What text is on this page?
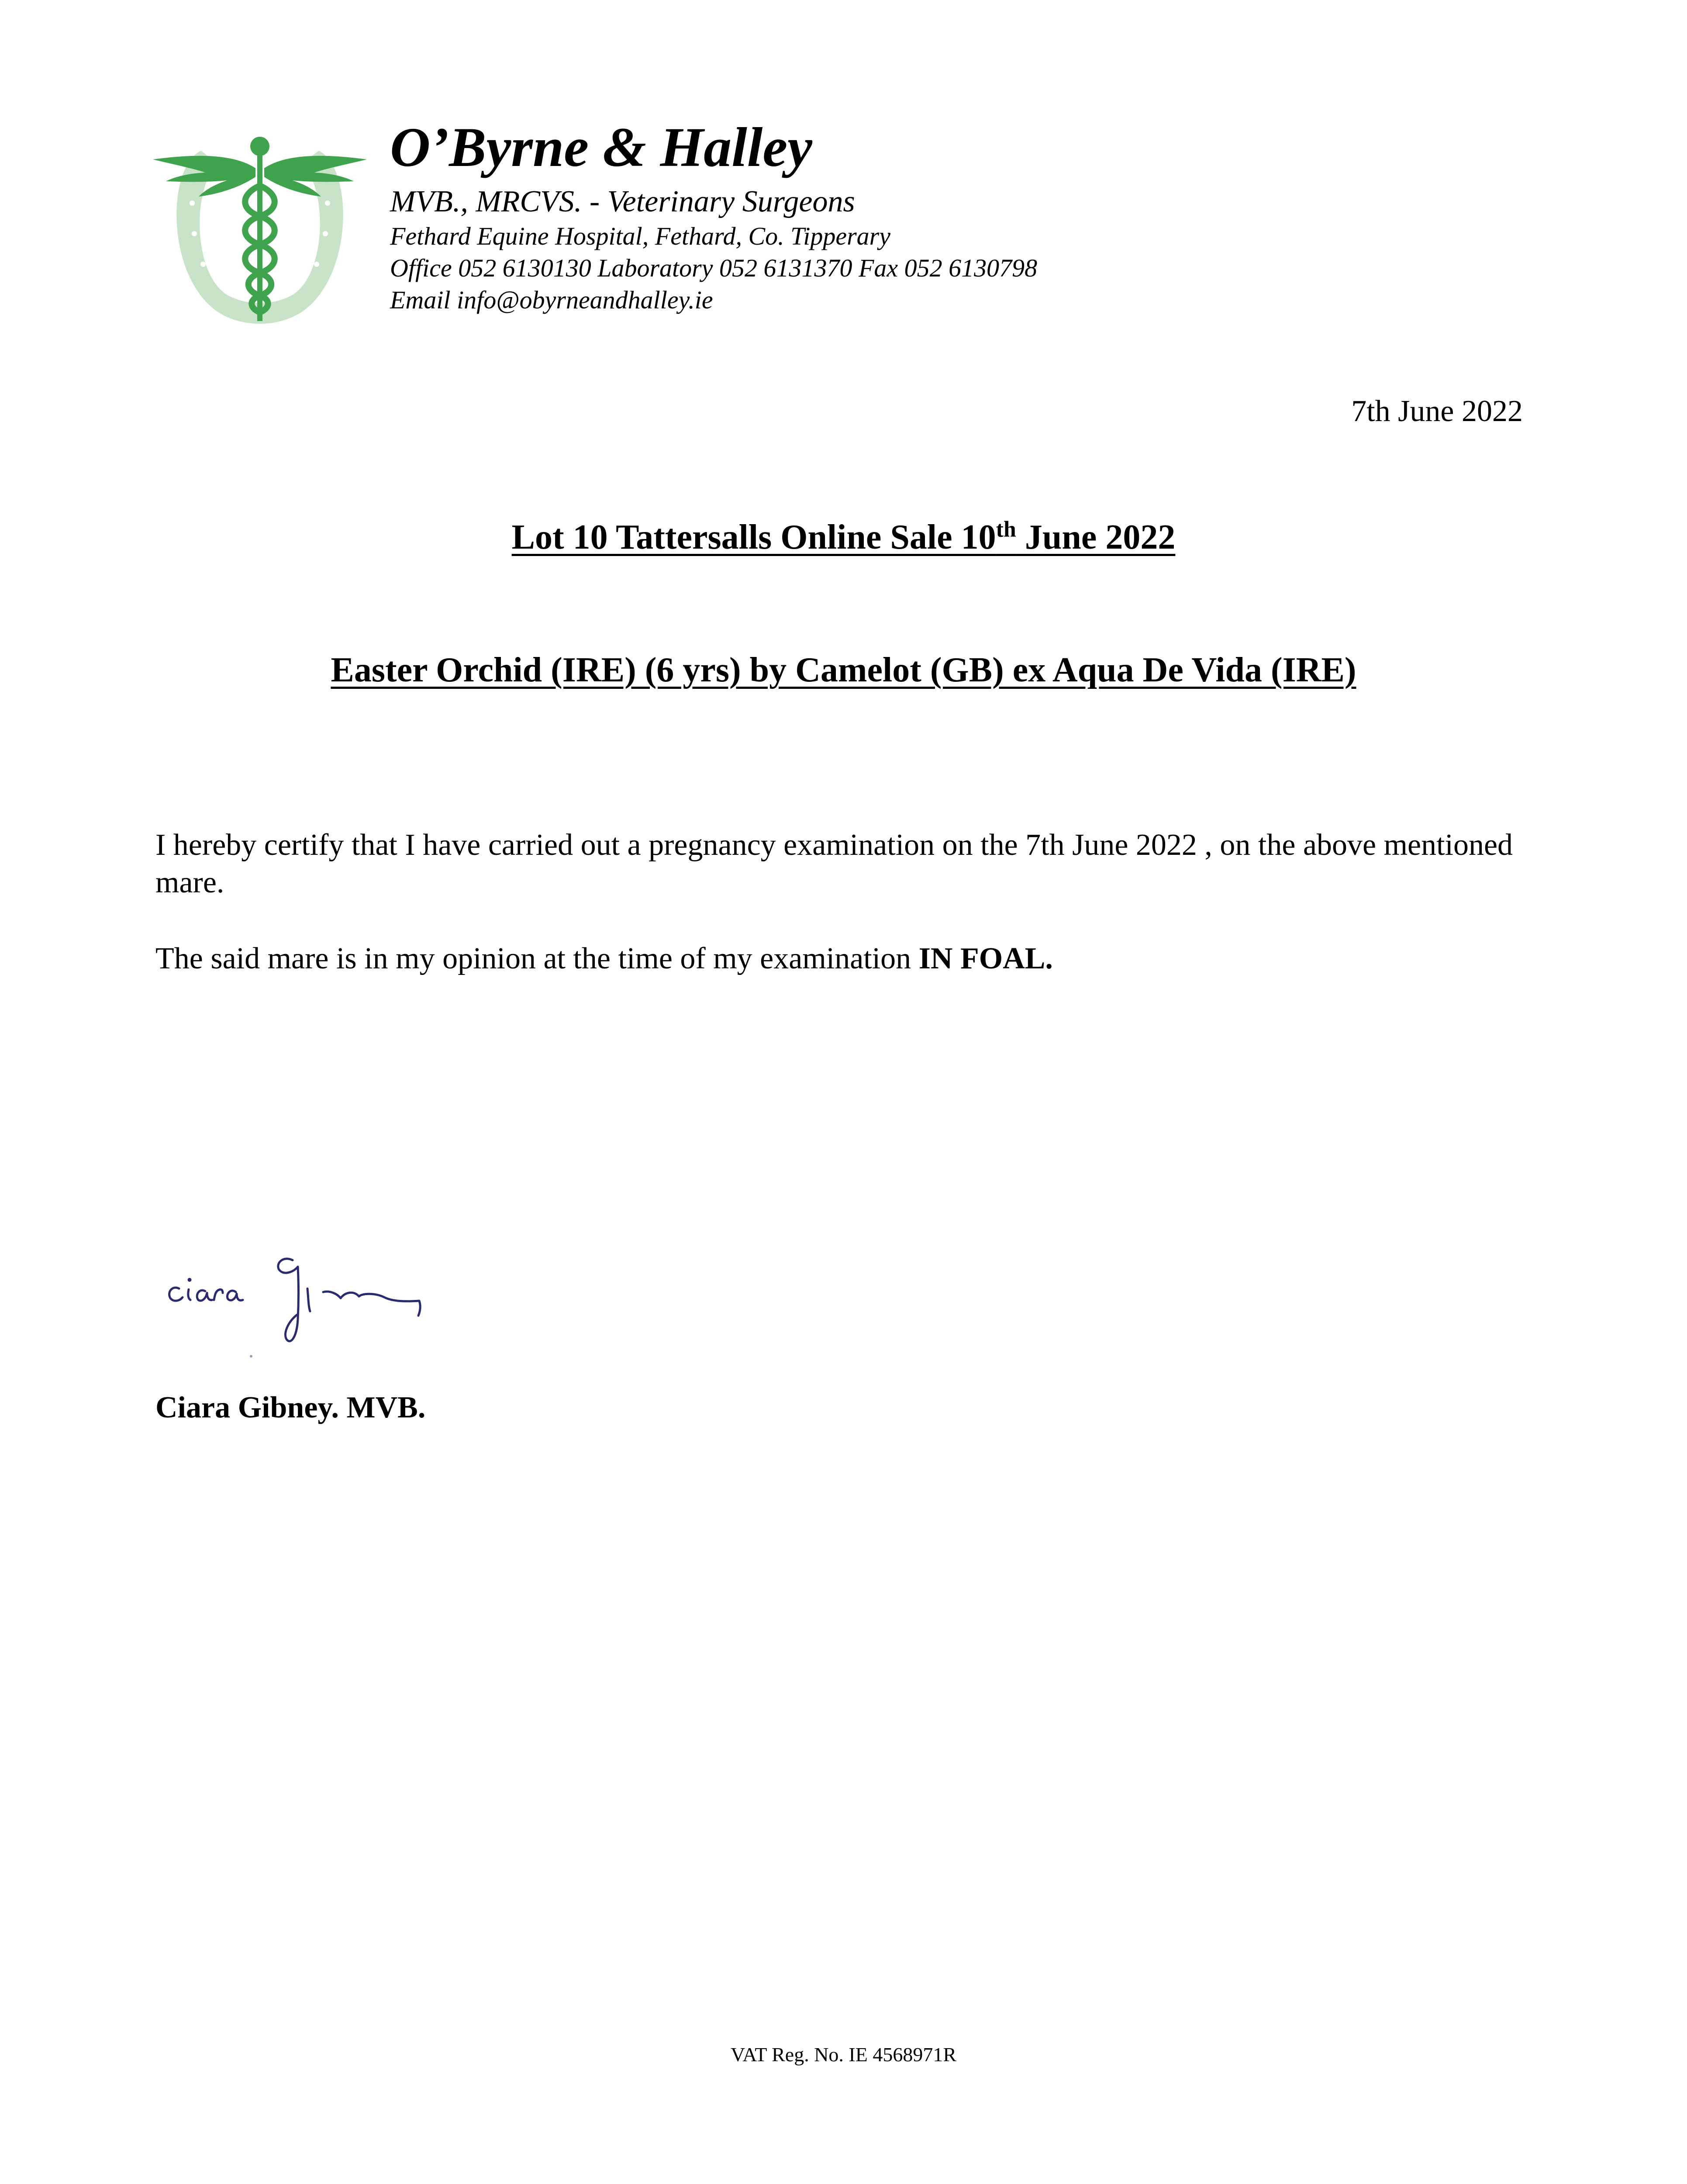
O’Byrne & Halley
MVB., MRCVS. - Veterinary Surgeons
Fethard Equine Hospital, Fethard, Co. Tipperary
Office 052 6130130 Laboratory 052 6131370 Fax 052 6130798
Email info@obyrneandhalley.ie
7th June 2022
Lot 10 Tattersalls Online Sale 10th June 2022
Easter Orchid (IRE) (6 yrs) by Camelot (GB) ex Aqua De Vida (IRE)
I hereby certify that I have carried out a pregnancy examination on the 7th June 2022 , on the above mentioned mare.
The said mare is in my opinion at the time of my examination IN FOAL.
Ciara Gibney. MVB.
VAT Reg. No. IE 4568971R
